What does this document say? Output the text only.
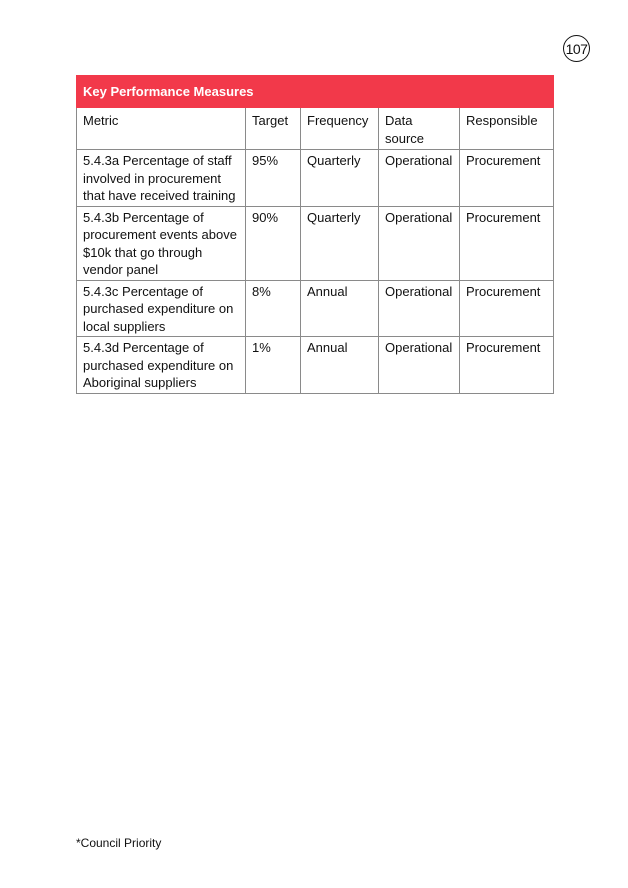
107
Key Performance Measures				
Metric	Target	Frequency	Data source	Responsible
5.4.3a Percentage of staff involved in procurement that have received training	95%	Quarterly	Operational	Procurement
5.4.3b Percentage of procurement events above $10k that go through vendor panel	90%	Quarterly	Operational	Procurement
5.4.3c Percentage of purchased expenditure on local suppliers	8%	Annual	Operational	Procurement
5.4.3d Percentage of purchased expenditure on Aboriginal suppliers	1%	Annual	Operational	Procurement
*Council Priority
